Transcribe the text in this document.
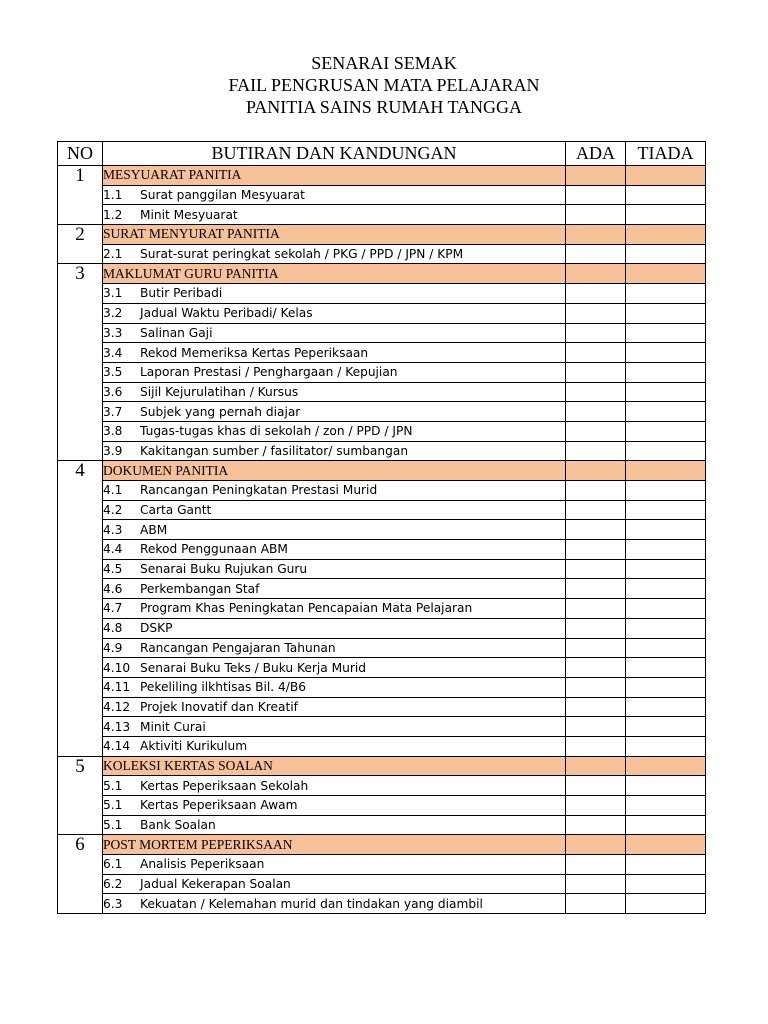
SENARAI SEMAK
FAIL PENGRUSAN MATA PELAJARAN
PANITIA SAINS RUMAH TANGGA
NO	BUTIRAN DAN KANDUNGAN	ADA	TIADA
1	MESYUARAT PANITIA		
	1.1 Surat panggilan Mesyuarat		
	1.2 Minit Mesyuarat		
2	SURAT MENYURAT PANITIA		
	2.1 Surat-surat peringkat sekolah / PKG / PPD / JPN / KPM		
3	MAKLUMAT GURU PANITIA		
	3.1 Butir Peribadi		
	3.2 Jadual Waktu Peribadi/ Kelas		
	3.3 Salinan Gaji		
	3.4 Rekod Memeriksa Kertas Peperiksaan		
	3.5 Laporan Prestasi / Penghargaan / Kepujian		
	3.6 Sijil Kejurulatihan / Kursus		
	3.7 Subjek yang pernah diajar		
	3.8 Tugas-tugas khas di sekolah / zon / PPD / JPN		
	3.9 Kakitangan sumber / fasilitator/ sumbangan		
4	DOKUMEN PANITIA		
	4.1 Rancangan Peningkatan Prestasi Murid		
	4.2 Carta Gantt		
	4.3 ABM		
	4.4 Rekod Penggunaan ABM		
	4.5 Senarai Buku Rujukan Guru		
	4.6 Perkembangan Staf		
	4.7 Program Khas Peningkatan Pencapaian Mata Pelajaran		
	4.8 DSKP		
	4.9 Rancangan Pengajaran Tahunan		
	4.10 Senarai Buku Teks / Buku Kerja Murid		
	4.11 Pekeliling ilkhtisas Bil. 4/B6		
	4.12 Projek Inovatif dan Kreatif		
	4.13 Minit Curai		
	4.14 Aktiviti Kurikulum		
5	KOLEKSI KERTAS SOALAN		
	5.1 Kertas Peperiksaan Sekolah		
	5.1 Kertas Peperiksaan Awam		
	5.1 Bank Soalan		
6	POST MORTEM PEPERIKSAAN		
	6.1 Analisis Peperiksaan		
	6.2 Jadual Kekerapan Soalan		
	6.3 Kekuatan / Kelemahan murid dan tindakan yang diambil		
